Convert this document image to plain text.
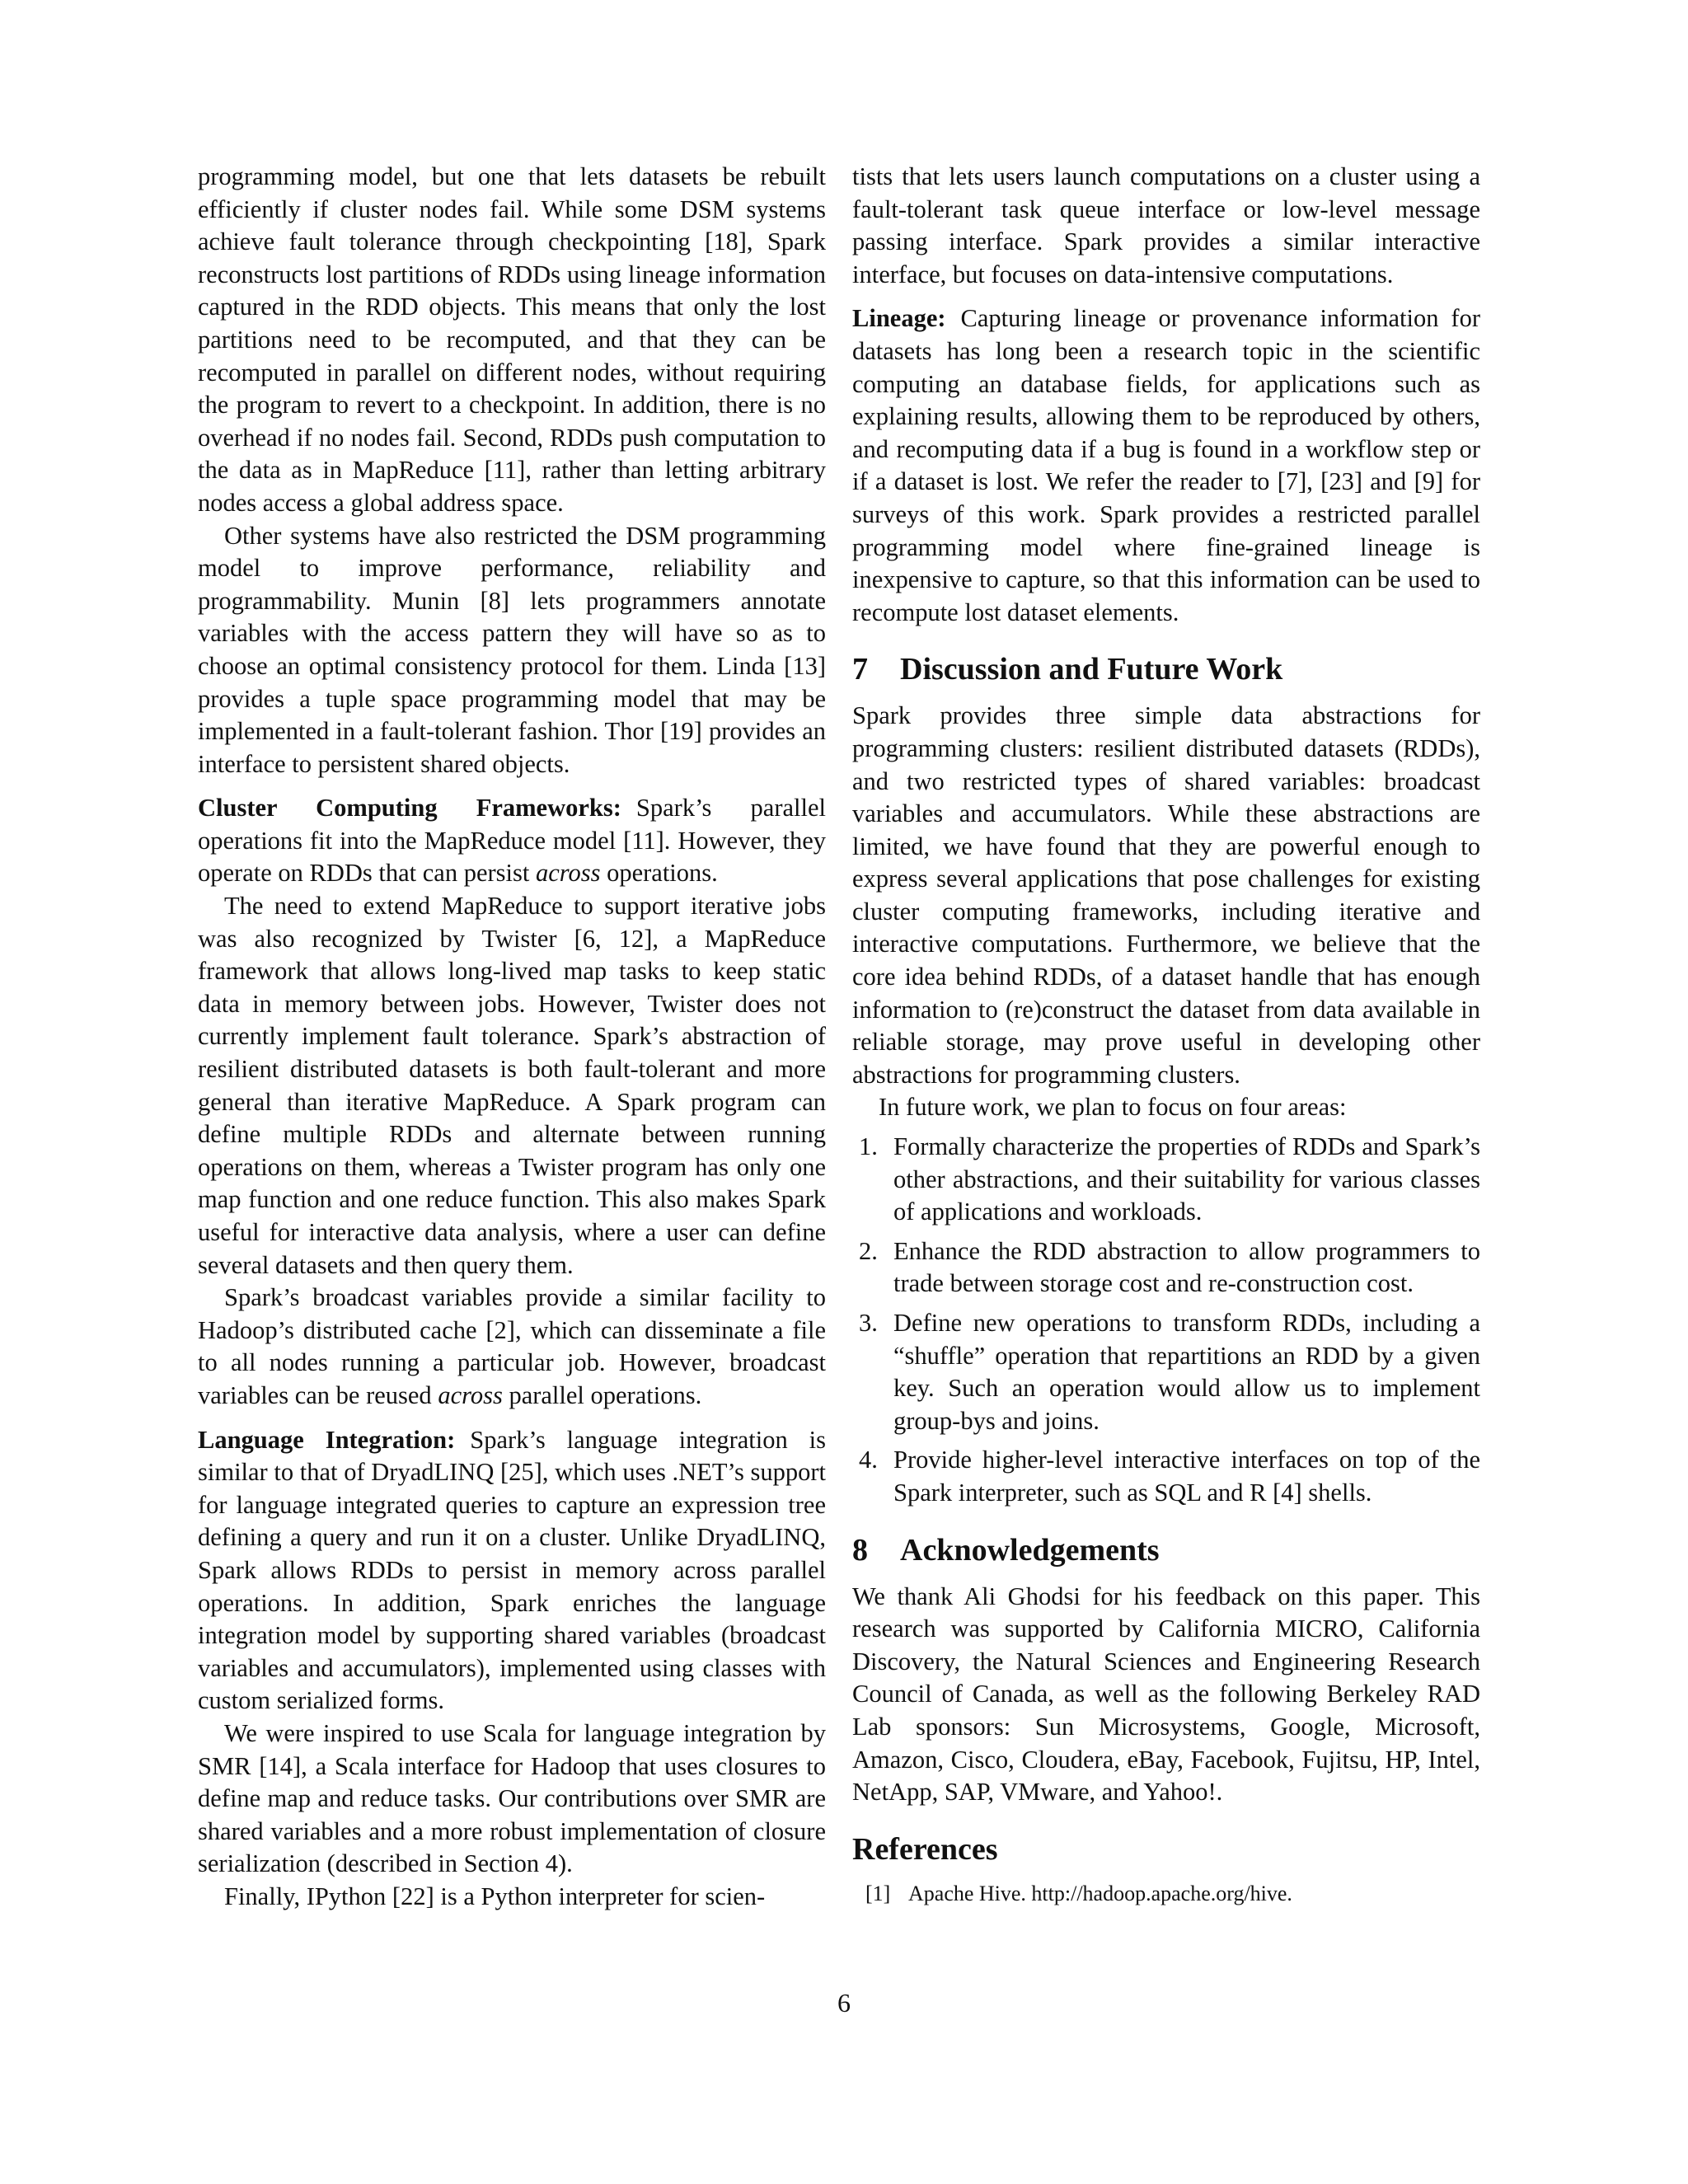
programming model, but one that lets datasets be rebuilt efficiently if cluster nodes fail. While some DSM systems achieve fault tolerance through checkpointing [18], Spark reconstructs lost partitions of RDDs using lineage information captured in the RDD objects. This means that only the lost partitions need to be recomputed, and that they can be recomputed in parallel on different nodes, without requiring the program to revert to a checkpoint. In addition, there is no overhead if no nodes fail. Second, RDDs push computation to the data as in MapReduce [11], rather than letting arbitrary nodes access a global address space.

Other systems have also restricted the DSM programming model to improve performance, reliability and programmability. Munin [8] lets programmers annotate variables with the access pattern they will have so as to choose an optimal consistency protocol for them. Linda [13] provides a tuple space programming model that may be implemented in a fault-tolerant fashion. Thor [19] provides an interface to persistent shared objects.

Cluster Computing Frameworks: Spark’s parallel operations fit into the MapReduce model [11]. However, they operate on RDDs that can persist across operations.

The need to extend MapReduce to support iterative jobs was also recognized by Twister [6, 12], a MapReduce framework that allows long-lived map tasks to keep static data in memory between jobs. However, Twister does not currently implement fault tolerance. Spark’s abstraction of resilient distributed datasets is both fault-tolerant and more general than iterative MapReduce. A Spark program can define multiple RDDs and alternate between running operations on them, whereas a Twister program has only one map function and one reduce function. This also makes Spark useful for interactive data analysis, where a user can define several datasets and then query them.

Spark’s broadcast variables provide a similar facility to Hadoop’s distributed cache [2], which can disseminate a file to all nodes running a particular job. However, broadcast variables can be reused across parallel operations.

Language Integration: Spark’s language integration is similar to that of DryadLINQ [25], which uses .NET’s support for language integrated queries to capture an expression tree defining a query and run it on a cluster. Unlike DryadLINQ, Spark allows RDDs to persist in memory across parallel operations. In addition, Spark enriches the language integration model by supporting shared variables (broadcast variables and accumulators), implemented using classes with custom serialized forms.

We were inspired to use Scala for language integration by SMR [14], a Scala interface for Hadoop that uses closures to define map and reduce tasks. Our contributions over SMR are shared variables and a more robust implementation of closure serialization (described in Section 4).

Finally, IPython [22] is a Python interpreter for scien-

tists that lets users launch computations on a cluster using a fault-tolerant task queue interface or low-level message passing interface. Spark provides a similar interactive interface, but focuses on data-intensive computations.

Lineage: Capturing lineage or provenance information for datasets has long been a research topic in the scientific computing an database fields, for applications such as explaining results, allowing them to be reproduced by others, and recomputing data if a bug is found in a workflow step or if a dataset is lost. We refer the reader to [7], [23] and [9] for surveys of this work. Spark provides a restricted parallel programming model where fine-grained lineage is inexpensive to capture, so that this information can be used to recompute lost dataset elements.

7 Discussion and Future Work

Spark provides three simple data abstractions for programming clusters: resilient distributed datasets (RDDs), and two restricted types of shared variables: broadcast variables and accumulators. While these abstractions are limited, we have found that they are powerful enough to express several applications that pose challenges for existing cluster computing frameworks, including iterative and interactive computations. Furthermore, we believe that the core idea behind RDDs, of a dataset handle that has enough information to (re)construct the dataset from data available in reliable storage, may prove useful in developing other abstractions for programming clusters.

In future work, we plan to focus on four areas:

1. Formally characterize the properties of RDDs and Spark’s other abstractions, and their suitability for various classes of applications and workloads.
2. Enhance the RDD abstraction to allow programmers to trade between storage cost and re-construction cost.
3. Define new operations to transform RDDs, including a “shuffle” operation that repartitions an RDD by a given key. Such an operation would allow us to implement group-bys and joins.
4. Provide higher-level interactive interfaces on top of the Spark interpreter, such as SQL and R [4] shells.
8 Acknowledgements

We thank Ali Ghodsi for his feedback on this paper. This research was supported by California MICRO, California Discovery, the Natural Sciences and Engineering Research Council of Canada, as well as the following Berkeley RAD Lab sponsors: Sun Microsystems, Google, Microsoft, Amazon, Cisco, Cloudera, eBay, Facebook, Fujitsu, HP, Intel, NetApp, SAP, VMware, and Yahoo!.

References
[1] Apache Hive. http://hadoop.apache.org/hive.
6
